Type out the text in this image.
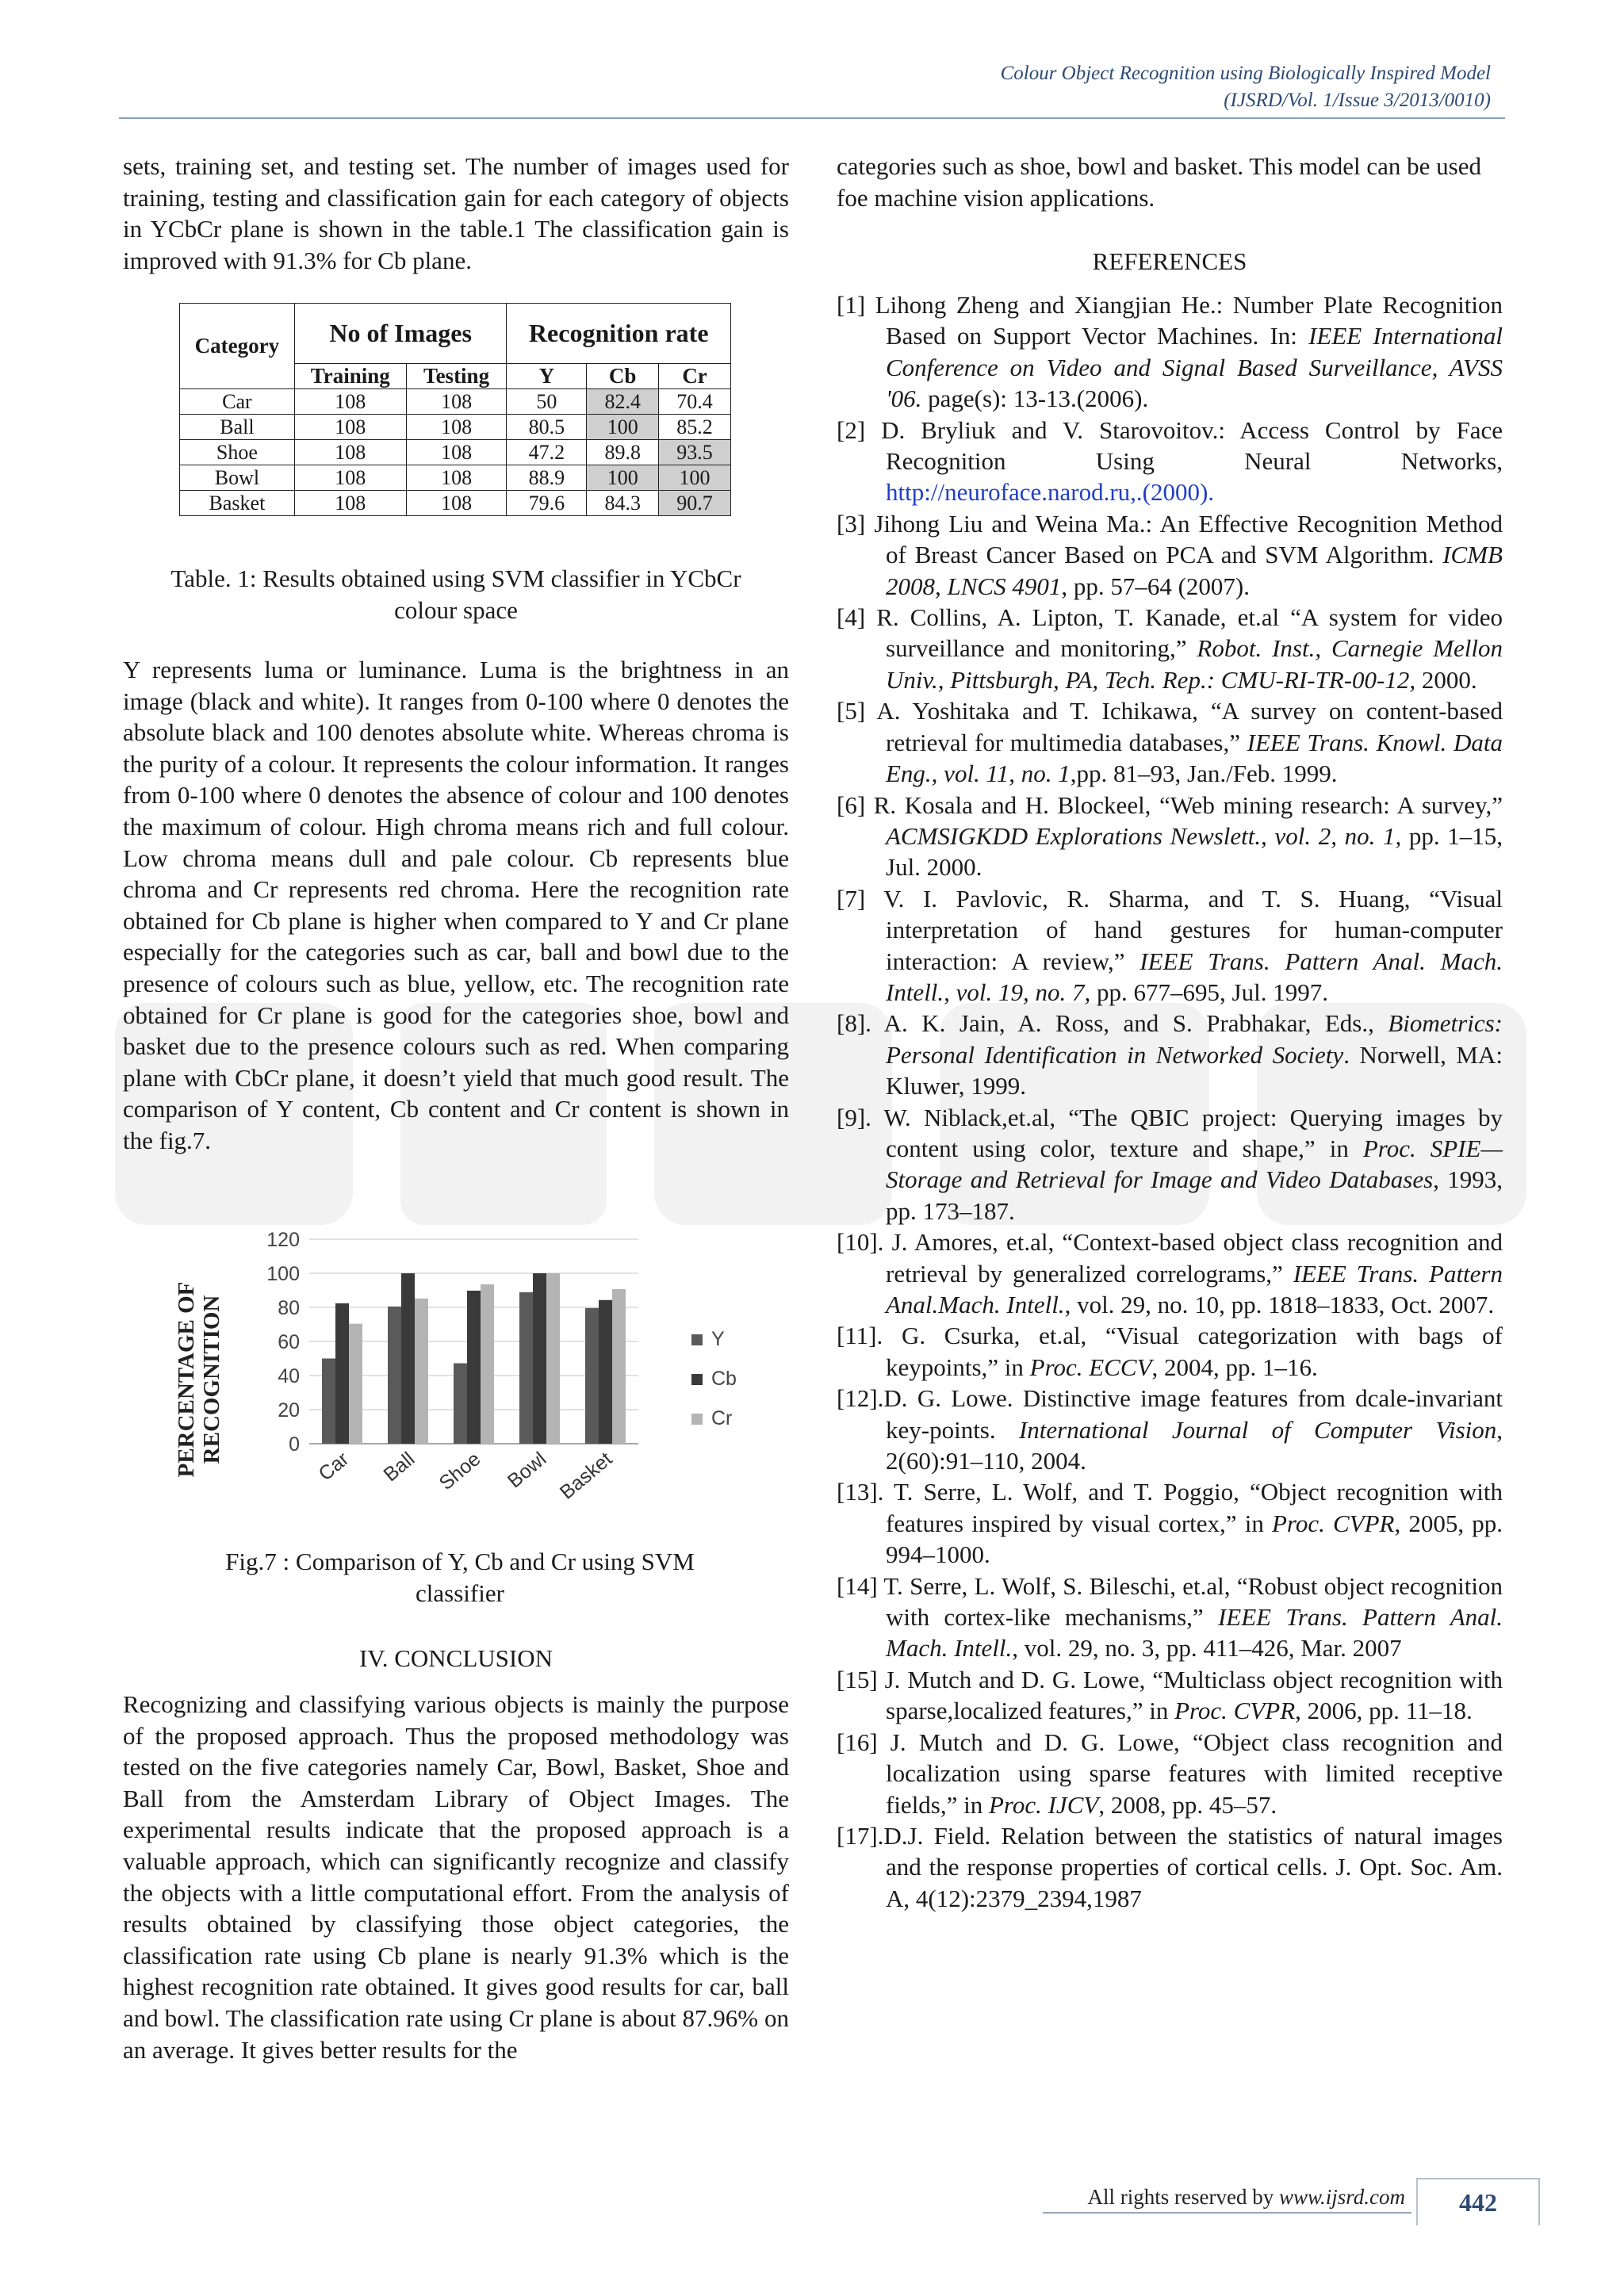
Colour Object Recognition using Biologically Inspired Model
(IJSRD/Vol. 1/Issue 3/2013/0010)

sets, training set, and testing set. The number of images used for training, testing and classification gain for each category of objects in YCbCr plane is shown in the table.1 The classification gain is improved with 91.3% for Cb plane.

Category	No of Images		Recognition rate		
	Training	Testing	Y	Cb	Cr
Car	108	108	50	82.4	70.4
Ball	108	108	80.5	100	85.2
Shoe	108	108	47.2	89.8	93.5
Bowl	108	108	88.9	100	100
Basket	108	108	79.6	84.3	90.7

Table. 1: Results obtained using SVM classifier in YCbCr colour space

Y represents luma or luminance. Luma is the brightness in an image (black and white). It ranges from 0-100 where 0 denotes the absolute black and 100 denotes absolute white. Whereas chroma is the purity of a colour. It represents the colour information. It ranges from 0-100 where 0 denotes the absence of colour and 100 denotes the maximum of colour. High chroma means rich and full colour. Low chroma means dull and pale colour. Cb represents blue chroma and Cr represents red chroma. Here the recognition rate obtained for Cb plane is higher when compared to Y and Cr plane especially for the categories such as car, ball and bowl due to the presence of colours such as blue, yellow, etc. The recognition rate obtained for Cr plane is good for the categories shoe, bowl and basket due to the presence colours such as red. When comparing plane with CbCr plane, it doesn’t yield that much good result. The comparison of Y content, Cb content and Cr content is shown in the fig.7.

0
20
40
60
80
100
120
Car Ball Shoe Bowl Basket
Y
Cb
Cr
PERCENTAGE OF RECOGNITION

Fig.7 : Comparison of Y, Cb and Cr using SVM classifier

IV. CONCLUSION

Recognizing and classifying various objects is mainly the purpose of the proposed approach. Thus the proposed methodology was tested on the five categories namely Car, Bowl, Basket, Shoe and Ball from the Amsterdam Library of Object Images. The experimental results indicate that the proposed approach is a valuable approach, which can significantly recognize and classify the objects with a little computational effort. From the analysis of results obtained by classifying those object categories, the classification rate using Cb plane is nearly 91.3% which is the highest recognition rate obtained. It gives good results for car, ball and bowl. The classification rate using Cr plane is about 87.96% on an average. It gives better results for the

categories such as shoe, bowl and basket. This model can be used foe machine vision applications.

REFERENCES

[1] Lihong Zheng and Xiangjian He.: Number Plate Recognition Based on Support Vector Machines. In: IEEE International Conference on Video and Signal Based Surveillance, AVSS '06. page(s): 13-13.(2006).

[2] D. Bryliuk and V. Starovoitov.: Access Control by Face Recognition Using Neural Networks, http://neuroface.narod.ru,.(2000).

[3] Jihong Liu and Weina Ma.: An Effective Recognition Method of Breast Cancer Based on PCA and SVM Algorithm. ICMB 2008, LNCS 4901, pp. 57–64 (2007).

[4] R. Collins, A. Lipton, T. Kanade, et.al “A system for video surveillance and monitoring,” Robot. Inst., Carnegie Mellon Univ., Pittsburgh, PA, Tech. Rep.: CMU-RI-TR-00-12, 2000.

[5] A. Yoshitaka and T. Ichikawa, “A survey on content-based retrieval for multimedia databases,” IEEE Trans. Knowl. Data Eng., vol. 11, no. 1,pp. 81–93, Jan./Feb. 1999.

[6] R. Kosala and H. Blockeel, “Web mining research: A survey,” ACMSIGKDD Explorations Newslett., vol. 2, no. 1, pp. 1–15, Jul. 2000.

[7] V. I. Pavlovic, R. Sharma, and T. S. Huang, “Visual interpretation of hand gestures for human-computer interaction: A review,” IEEE Trans. Pattern Anal. Mach. Intell., vol. 19, no. 7, pp. 677–695, Jul. 1997.

[8]. A. K. Jain, A. Ross, and S. Prabhakar, Eds., Biometrics: Personal Identification in Networked Society. Norwell, MA: Kluwer, 1999.

[9]. W. Niblack,et.al, “The QBIC project: Querying images by content using color, texture and shape,” in Proc. SPIE—Storage and Retrieval for Image and Video Databases, 1993, pp. 173–187.

[10]. J. Amores, et.al, “Context-based object class recognition and retrieval by generalized correlograms,” IEEE Trans. Pattern Anal.Mach. Intell., vol. 29, no. 10, pp. 1818–1833, Oct. 2007.

[11]. G. Csurka, et.al, “Visual categorization with bags of keypoints,” in Proc. ECCV, 2004, pp. 1–16.

[12].D. G. Lowe. Distinctive image features from dcale-invariant key-points. International Journal of Computer Vision, 2(60):91–110, 2004.

[13]. T. Serre, L. Wolf, and T. Poggio, “Object recognition with features inspired by visual cortex,” in Proc. CVPR, 2005, pp. 994–1000.

[14] T. Serre, L. Wolf, S. Bileschi, et.al, “Robust object recognition with cortex-like mechanisms,” IEEE Trans. Pattern Anal. Mach. Intell., vol. 29, no. 3, pp. 411–426, Mar. 2007

[15] J. Mutch and D. G. Lowe, “Multiclass object recognition with sparse,localized features,” in Proc. CVPR, 2006, pp. 11–18.

[16] J. Mutch and D. G. Lowe, “Object class recognition and localization using sparse features with limited receptive fields,” in Proc. IJCV, 2008, pp. 45–57.

[17].D.J. Field. Relation between the statistics of natural images and the response properties of cortical cells. J. Opt. Soc. Am. A, 4(12):2379_2394,1987

All rights reserved by www.ijsrd.com	442
